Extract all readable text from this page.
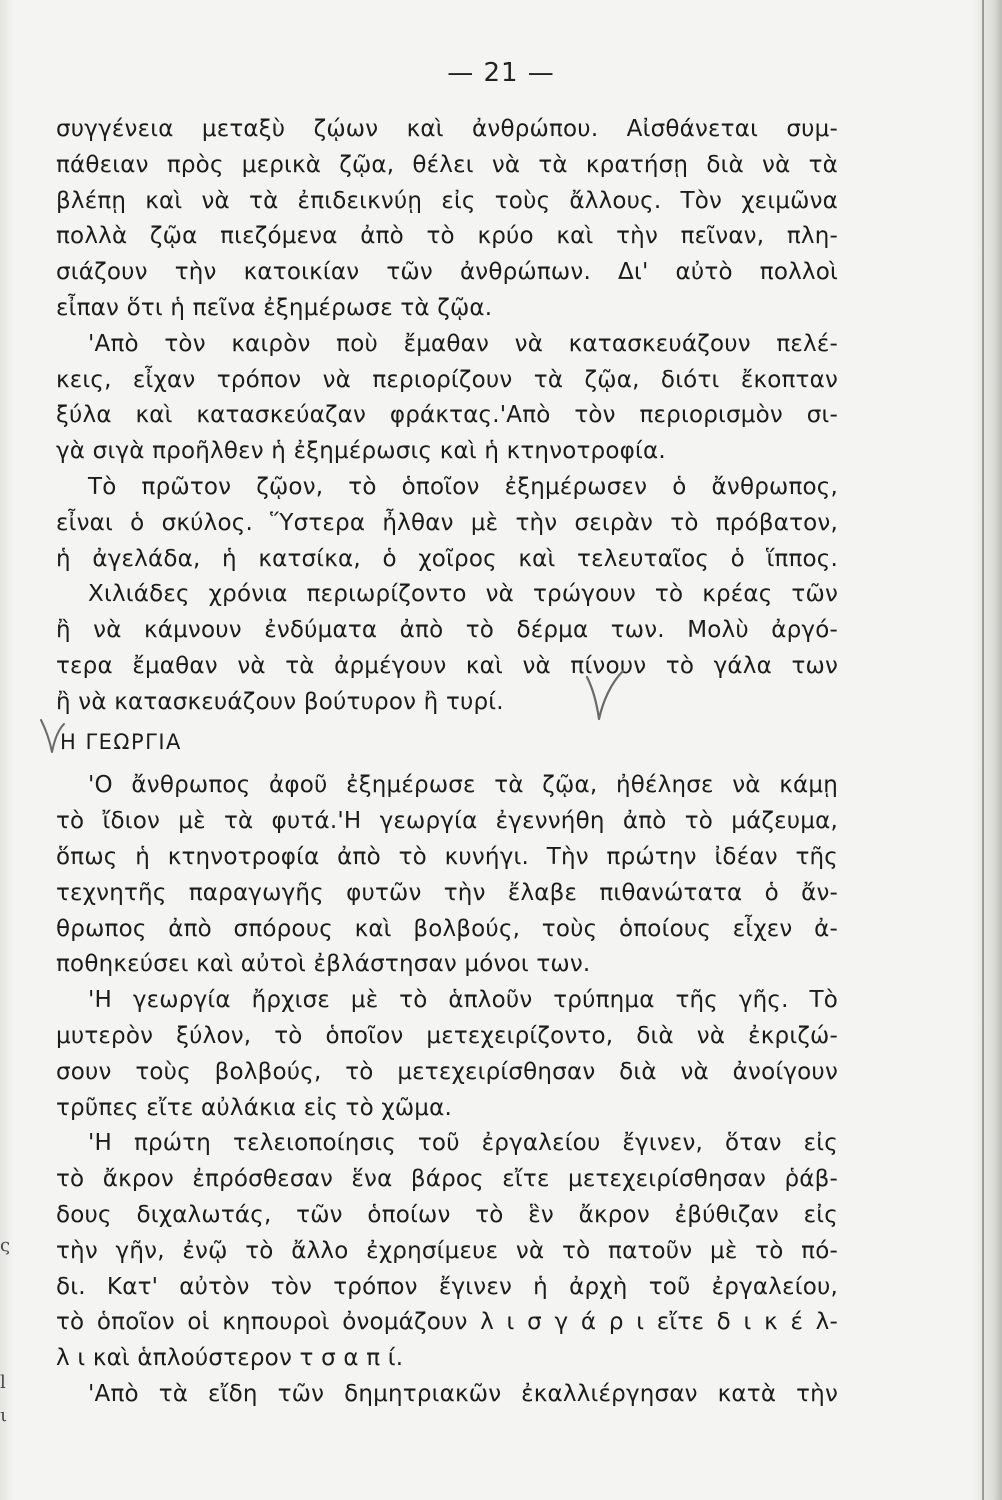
ς
l
ι
— 21 —
συγγένεια μεταξὺ ζῴων καὶ ἀνθρώπου. Αἰσθάνεται συμ-
πάθειαν πρὸς μερικὰ ζῷα, θέλει νὰ τὰ κρατήσῃ διὰ νὰ τὰ
βλέπῃ καὶ νὰ τὰ ἐπιδεικνύῃ εἰς τοὺς ἄλλους. Τὸν χειμῶνα
πολλὰ ζῷα πιεζόμενα ἀπὸ τὸ κρύο καὶ τὴν πεῖναν, πλη-
σιάζουν τὴν κατοικίαν τῶν ἀνθρώπων. Δι' αὐτὸ πολλοὶ
εἶπαν ὅτι ἡ πεῖνα ἐξημέρωσε τὰ ζῷα.
'Απὸ τὸν καιρὸν ποὺ ἔμαθαν νὰ κατασκευάζουν πελέ-
κεις, εἶχαν τρόπον νὰ περιορίζουν τὰ ζῷα, διότι ἔκοπταν
ξύλα καὶ κατασκεύαζαν φράκτας.'Απὸ τὸν περιορισμὸν σι-
γὰ σιγὰ προῆλθεν ἡ ἐξημέρωσις καὶ ἡ κτηνοτροφία.
Τὸ πρῶτον ζῷον, τὸ ὁποῖον ἐξημέρωσεν ὁ ἄνθρωπος,
εἶναι ὁ σκύλος. Ὕστερα ἦλθαν μὲ τὴν σειρὰν τὸ πρόβατον,
ἡ ἀγελάδα, ἡ κατσίκα, ὁ χοῖρος καὶ τελευταῖος ὁ ἵππος.
Χιλιάδες χρόνια περιωρίζοντο νὰ τρώγουν τὸ κρέας τῶν
ἢ νὰ κάμνουν ἐνδύματα ἀπὸ τὸ δέρμα των. Μολὺ ἀργό-
τερα ἔμαθαν νὰ τὰ ἀρμέγουν καὶ νὰ πίνουν τὸ γάλα των
ἢ νὰ κατασκευάζουν βούτυρον ἢ τυρί.
Η ΓΕΩΡΓΙΑ
'Ο ἄνθρωπος ἀφοῦ ἐξημέρωσε τὰ ζῷα, ἠθέλησε νὰ κάμῃ
τὸ ἴδιον μὲ τὰ φυτά.'Η γεωργία ἐγεννήθη ἀπὸ τὸ μάζευμα,
ὅπως ἡ κτηνοτροφία ἀπὸ τὸ κυνήγι. Τὴν πρώτην ἰδέαν τῆς
τεχνητῆς παραγωγῆς φυτῶν τὴν ἔλαβε πιθανώτατα ὁ ἄν-
θρωπος ἀπὸ σπόρους καὶ βολβούς, τοὺς ὁποίους εἶχεν ἀ-
ποθηκεύσει καὶ αὐτοὶ ἐβλάστησαν μόνοι των.
'Η γεωργία ἤρχισε μὲ τὸ ἁπλοῦν τρύπημα τῆς γῆς. Τὸ
μυτερὸν ξύλον, τὸ ὁποῖον μετεχειρίζοντο, διὰ νὰ ἐκριζώ-
σουν τοὺς βολβούς, τὸ μετεχειρίσθησαν διὰ νὰ ἀνοίγουν
τρῦπες εἴτε αὐλάκια εἰς τὸ χῶμα.
'Η πρώτη τελειοποίησις τοῦ ἐργαλείου ἔγινεν, ὅταν εἰς
τὸ ἄκρον ἐπρόσθεσαν ἕνα βάρος εἴτε μετεχειρίσθησαν ῥάβ-
δους διχαλωτάς, τῶν ὁποίων τὸ ἓν ἄκρον ἐβύθιζαν εἰς
τὴν γῆν, ἐνῷ τὸ ἄλλο ἐχρησίμευε νὰ τὸ πατοῦν μὲ τὸ πό-
δι. Κατ' αὐτὸν τὸν τρόπον ἔγινεν ἡ ἀρχὴ τοῦ ἐργαλείου,
τὸ ὁποῖον οἱ κηπουροὶ ὀνομάζουν λ ι σ γ ά ρ ι εἴτε δ ι κ έ λ-
λ ι καὶ ἁπλούστερον τ σ α π ί.
'Απὸ τὰ εἴδη τῶν δημητριακῶν ἐκαλλιέργησαν κατὰ τὴν
